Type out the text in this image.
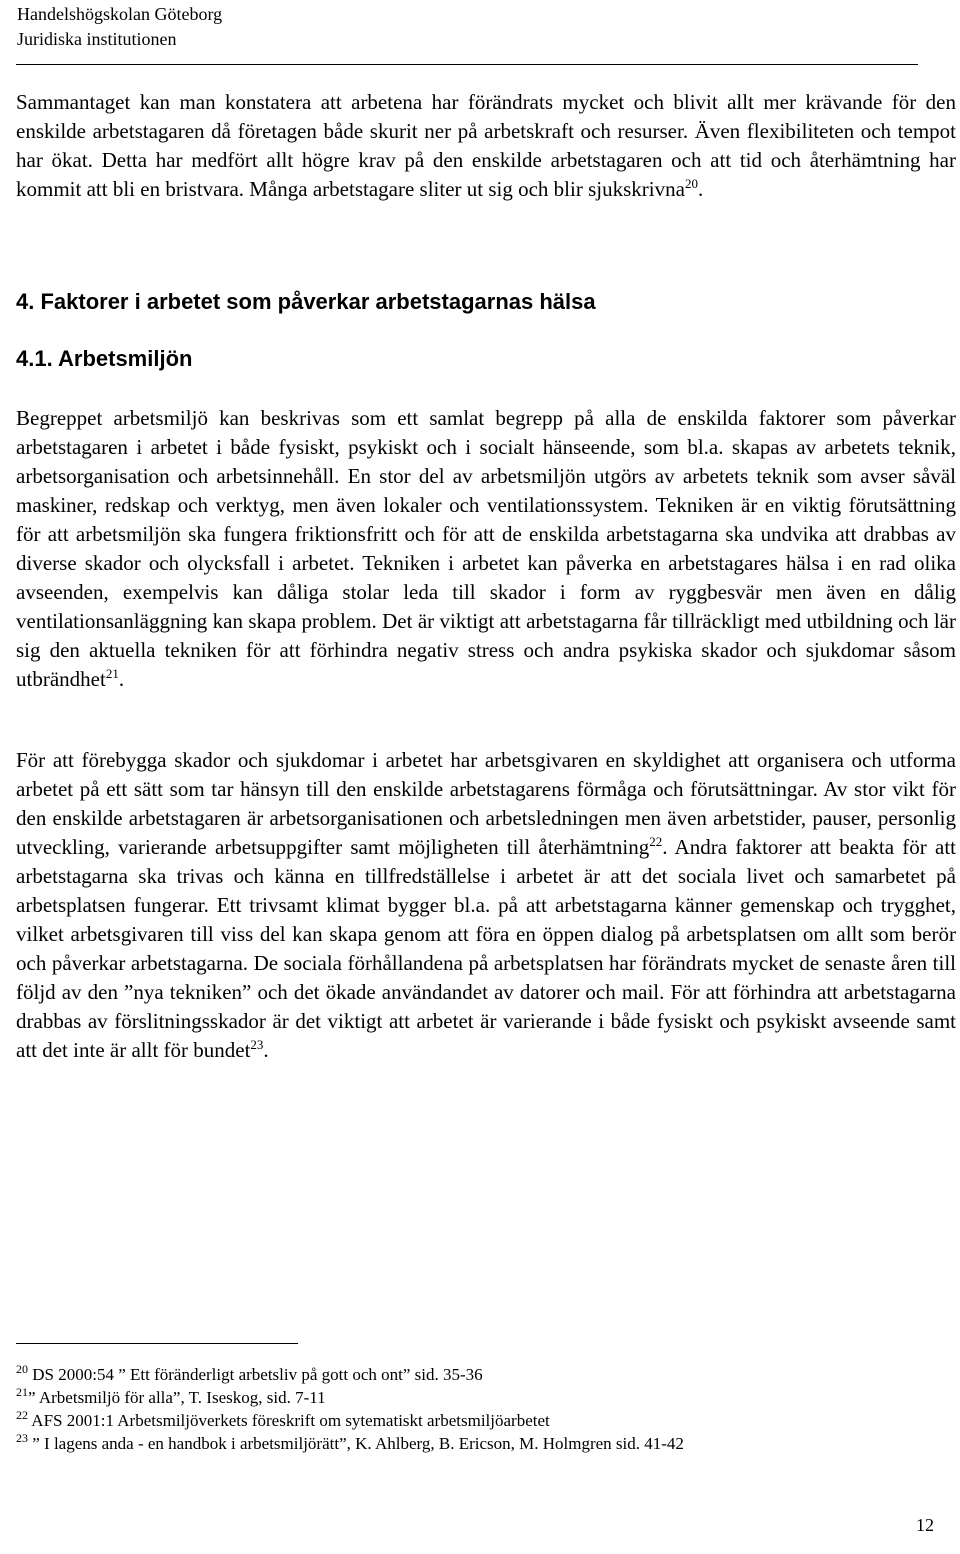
Handelshögskolan Göteborg
Juridiska institutionen

Sammantaget kan man konstatera att arbetena har förändrats mycket och blivit allt mer krävande för den enskilde arbetstagaren då företagen både skurit ner på arbetskraft och resurser. Även flexibiliteten och tempot har ökat. Detta har medfört allt högre krav på den enskilde arbetstagaren och att tid och återhämtning har kommit att bli en bristvara. Många arbetstagare sliter ut sig och blir sjukskrivna$^{20}$.

4. Faktorer i arbetet som påverkar arbetstagarnas hälsa
4.1. Arbetsmiljön

Begreppet arbetsmiljö kan beskrivas som ett samlat begrepp på alla de enskilda faktorer som påverkar arbetstagaren i arbetet i både fysiskt, psykiskt och i socialt hänseende, som bl.a. skapas av arbetets teknik, arbetsorganisation och arbetsinnehåll. En stor del av arbetsmiljön utgörs av arbetets teknik som avser såväl maskiner, redskap och verktyg, men även lokaler och ventilationssystem. Tekniken är en viktig förutsättning för att arbetsmiljön ska fungera friktionsfritt och för att de enskilda arbetstagarna ska undvika att drabbas av diverse skador och olycksfall i arbetet. Tekniken i arbetet kan påverka en arbetstagares hälsa i en rad olika avseenden, exempelvis kan dåliga stolar leda till skador i form av ryggbesvär men även en dålig ventilationsanläggning kan skapa problem. Det är viktigt att arbetstagarna får tillräckligt med utbildning och lär sig den aktuella tekniken för att förhindra negativ stress och andra psykiska skador och sjukdomar såsom utbrändhet$^{21}$.

För att förebygga skador och sjukdomar i arbetet har arbetsgivaren en skyldighet att organisera och utforma arbetet på ett sätt som tar hänsyn till den enskilde arbetstagarens förmåga och förutsättningar. Av stor vikt för den enskilde arbetstagaren är arbetsorganisationen och arbetsledningen men även arbetstider, pauser, personlig utveckling, varierande arbetsuppgifter samt möjligheten till återhämtning$^{22}$. Andra faktorer att beakta för att arbetstagarna ska trivas och känna en tillfredställelse i arbetet är att det sociala livet och samarbetet på arbetsplatsen fungerar. Ett trivsamt klimat bygger bl.a. på att arbetstagarna känner gemenskap och trygghet, vilket arbetsgivaren till viss del kan skapa genom att föra en öppen dialog på arbetsplatsen om allt som berör och påverkar arbetstagarna. De sociala förhållandena på arbetsplatsen har förändrats mycket de senaste åren till följd av den ”nya tekniken” och det ökade användandet av datorer och mail. För att förhindra att arbetstagarna drabbas av förslitningsskador är det viktigt att arbetet är varierande i både fysiskt och psykiskt avseende samt att det inte är allt för bundet$^{23}$.

$^{20}$ DS 2000:54 ” Ett föränderligt arbetsliv på gott och ont” sid. 35-36
$^{21}$” Arbetsmiljö för alla”, T. Iseskog, sid. 7-11
$^{22}$ AFS 2001:1 Arbetsmiljöverkets föreskrift om sytematiskt arbetsmiljöarbetet
$^{23}$ ” I lagens anda - en handbok i arbetsmiljörätt”, K. Ahlberg, B. Ericson, M. Holmgren sid. 41-42
12
